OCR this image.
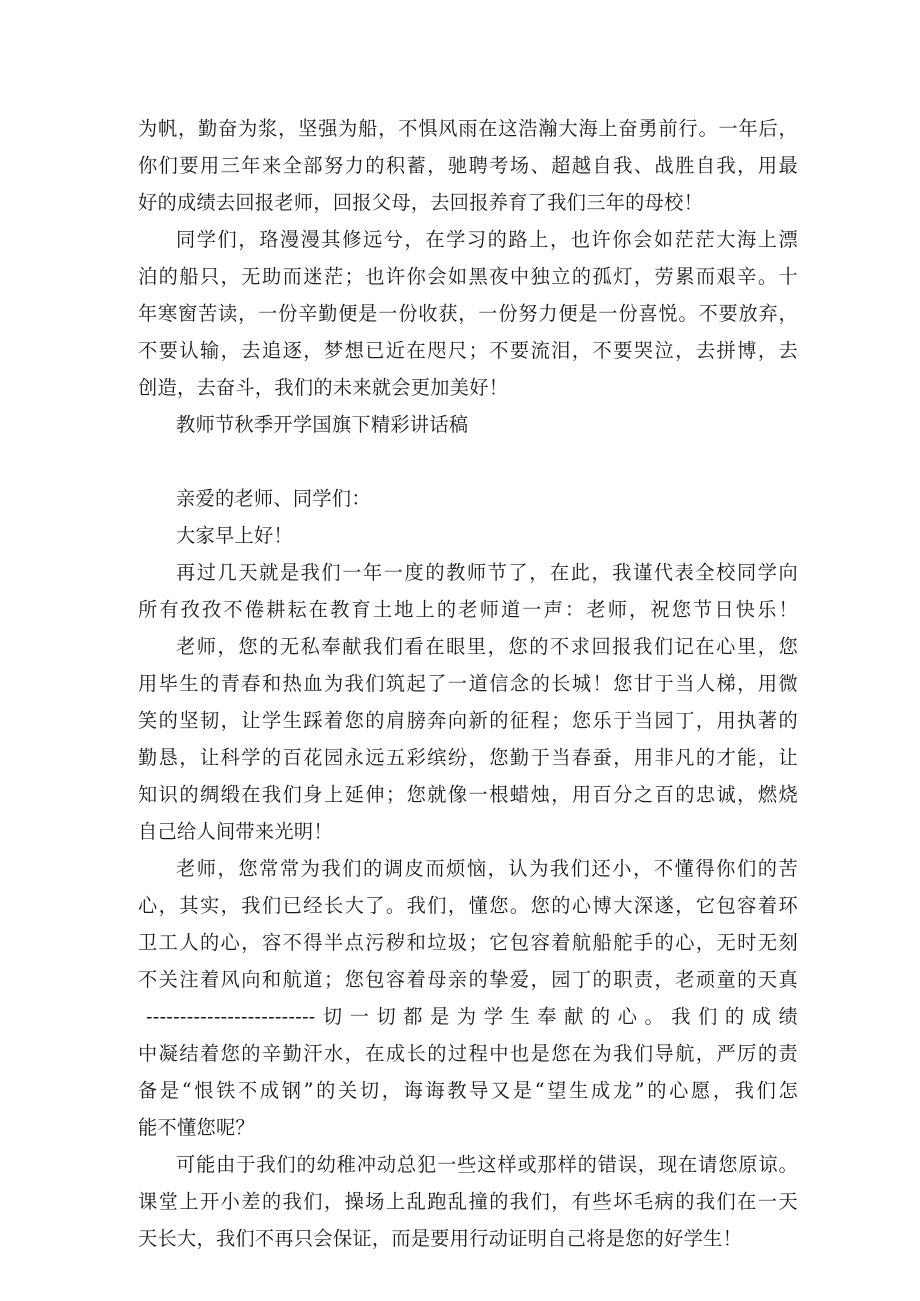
为帆，勤奋为浆，坚强为船，不惧风雨在这浩瀚大海上奋勇前行。一年后，
你们要用三年来全部努力的积蓄，驰聘考场、超越自我、战胜自我，用最
好的成绩去回报老师，回报父母，去回报养育了我们三年的母校！
同学们，珞漫漫其修远兮，在学习的路上，也许你会如茫茫大海上漂
泊的船只，无助而迷茫；也许你会如黑夜中独立的孤灯，劳累而艰辛。十
年寒窗苦读，一份辛勤便是一份收获，一份努力便是一份喜悦。不要放弃，
不要认输，去追逐，梦想已近在咫尺；不要流泪，不要哭泣，去拼博，去
创造，去奋斗，我们的未来就会更加美好！
教师节秋季开学国旗下精彩讲话稿
亲爱的老师、同学们：
大家早上好！
再过几天就是我们一年一度的教师节了，在此，我谨代表全校同学向
所有孜孜不倦耕耘在教育土地上的老师道一声：老师，祝您节日快乐！
老师，您的无私奉献我们看在眼里，您的不求回报我们记在心里，您
用毕生的青春和热血为我们筑起了一道信念的长城！您甘于当人梯，用微
笑的坚韧，让学生踩着您的肩膀奔向新的征程；您乐于当园丁，用执著的
勤恳，让科学的百花园永远五彩缤纷，您勤于当春蚕，用非凡的才能，让
知识的绸缎在我们身上延伸；您就像一根蜡烛，用百分之百的忠诚，燃烧
自己给人间带来光明！
老师，您常常为我们的调皮而烦恼，认为我们还小，不懂得你们的苦
心，其实，我们已经长大了。我们，懂您。您的心博大深遂，它包容着环
卫工人的心，容不得半点污秽和垃圾；它包容着航船舵手的心，无时无刻
不关注着风向和航道；您包容着母亲的挚爱，园丁的职责，老顽童的天真
-------------------------切一切都是为学生奉献的心。我们的成绩
中凝结着您的辛勤汗水，在成长的过程中也是您在为我们导航，严厉的责
备是“恨铁不成钢”的关切，诲诲教导又是“望生成龙”的心愿，我们怎
能不懂您呢？
可能由于我们的幼稚冲动总犯一些这样或那样的错误，现在请您原谅。
课堂上开小差的我们，操场上乱跑乱撞的我们，有些坏毛病的我们在一天
天长大，我们不再只会保证，而是要用行动证明自己将是您的好学生！
